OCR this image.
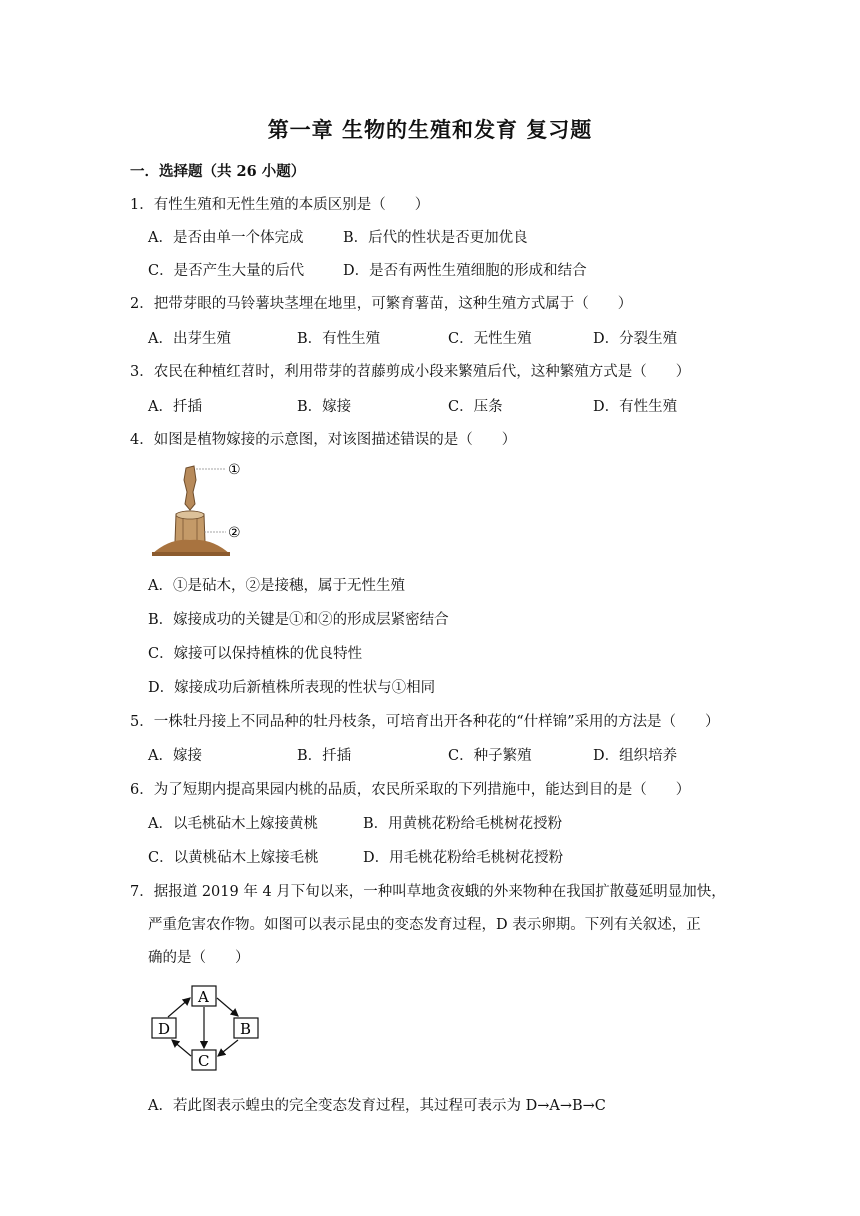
第一章 生物的生殖和发育 复习题
一．选择题（共 26 小题）
1．有性生殖和无性生殖的本质区别是（　　）
A．是否由单一个体完成	B．后代的性状是否更加优良
C．是否产生大量的后代	D．是否有两性生殖细胞的形成和结合
2．把带芽眼的马铃薯块茎埋在地里，可繁育薯苗，这种生殖方式属于（　　）
A．出芽生殖	B．有性生殖	C．无性生殖	D．分裂生殖
3．农民在种植红苕时，利用带芽的苕藤剪成小段来繁殖后代，这种繁殖方式是（　　）
A．扦插	B．嫁接	C．压条	D．有性生殖
4．如图是植物嫁接的示意图，对该图描述错误的是（　　）
①
②
A．①是砧木，②是接穗，属于无性生殖
B．嫁接成功的关键是①和②的形成层紧密结合
C．嫁接可以保持植株的优良特性
D．嫁接成功后新植株所表现的性状与①相同
5．一株牡丹接上不同品种的牡丹枝条，可培育出开各种花的“什样锦”采用的方法是（　　）
A．嫁接	B．扦插	C．种子繁殖	D．组织培养
6．为了短期内提高果园内桃的品质，农民所采取的下列措施中，能达到目的是（　　）
A．以毛桃砧木上嫁接黄桃	B．用黄桃花粉给毛桃树花授粉
C．以黄桃砧木上嫁接毛桃	D．用毛桃花粉给毛桃树花授粉
7．据报道 2019 年 4 月下旬以来，一种叫草地贪夜蛾的外来物种在我国扩散蔓延明显加快，
严重危害农作物。如图可以表示昆虫的变态发育过程，D 表示卵期。下列有关叙述，正
确的是（　　）
A
B
C
D
A．若此图表示蝗虫的完全变态发育过程，其过程可表示为 D→A→B→C
